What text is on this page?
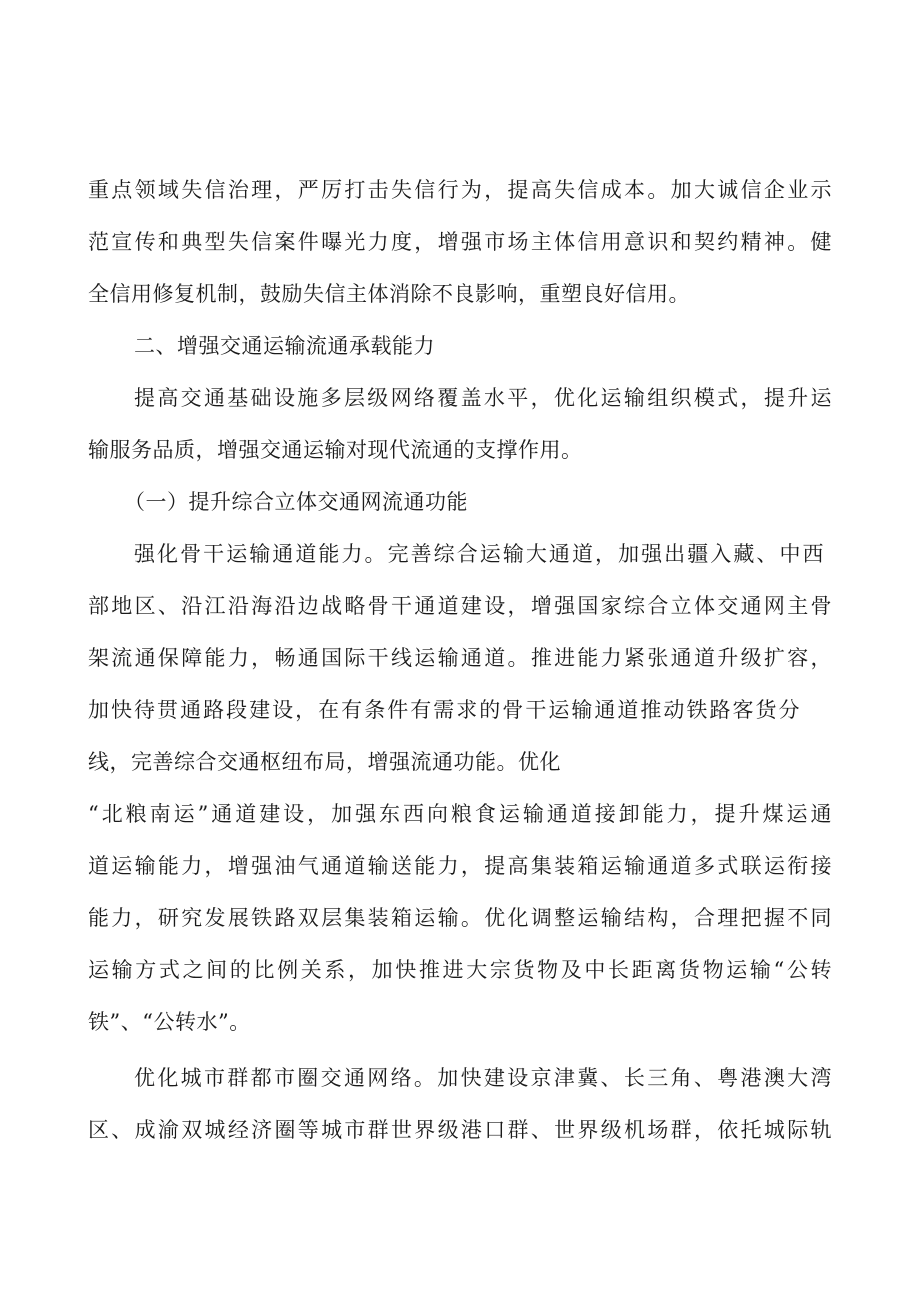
重点领域失信治理，严厉打击失信行为，提高失信成本。加大诚信企业示
范宣传和典型失信案件曝光力度，增强市场主体信用意识和契约精神。健
全信用修复机制，鼓励失信主体消除不良影响，重塑良好信用。
二、增强交通运输流通承载能力
提高交通基础设施多层级网络覆盖水平，优化运输组织模式，提升运
输服务品质，增强交通运输对现代流通的支撑作用。
（一）提升综合立体交通网流通功能
强化骨干运输通道能力。完善综合运输大通道，加强出疆入藏、中西
部地区、沿江沿海沿边战略骨干通道建设，增强国家综合立体交通网主骨
架流通保障能力，畅通国际干线运输通道。推进能力紧张通道升级扩容，
加快待贯通路段建设，在有条件有需求的骨干运输通道推动铁路客货分
线，完善综合交通枢纽布局，增强流通功能。优化
“北粮南运”通道建设，加强东西向粮食运输通道接卸能力，提升煤运通
道运输能力，增强油气通道输送能力，提高集装箱运输通道多式联运衔接
能力，研究发展铁路双层集装箱运输。优化调整运输结构，合理把握不同
运输方式之间的比例关系，加快推进大宗货物及中长距离货物运输“公转
铁”、“公转水”。
优化城市群都市圈交通网络。加快建设京津冀、长三角、粤港澳大湾
区、成渝双城经济圈等城市群世界级港口群、世界级机场群，依托城际轨
